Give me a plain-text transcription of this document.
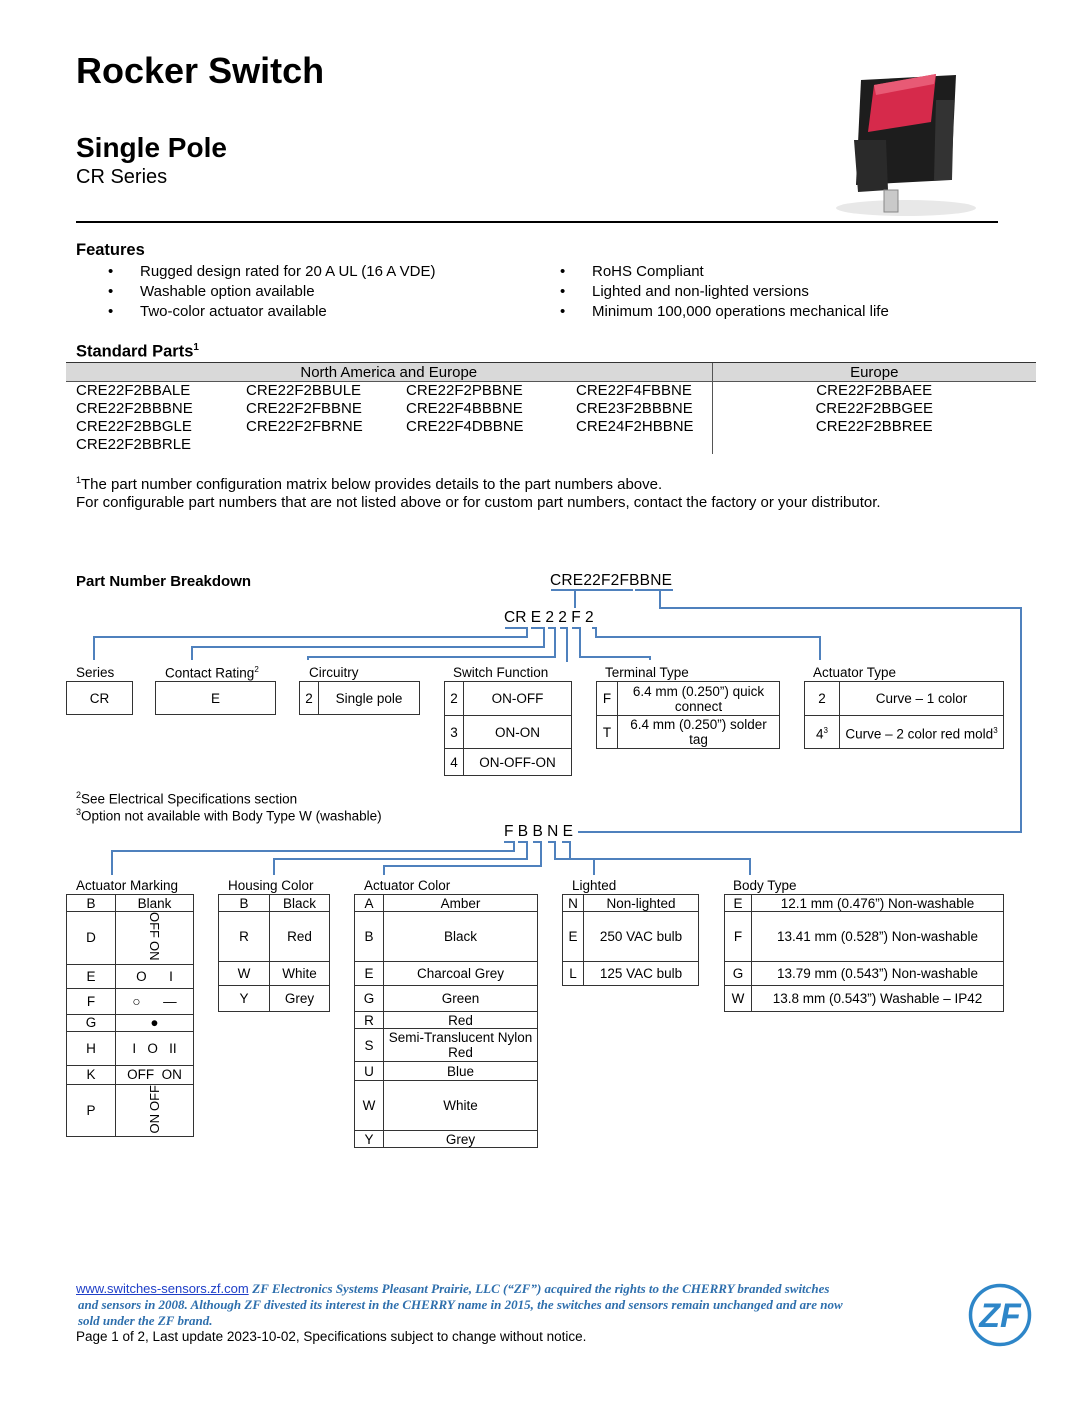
Rocker Switch
Single Pole
CR Series
Features
• Rugged design rated for 20 A UL (16 A VDE)
• Washable option available
• Two-color actuator available
• RoHS Compliant
• Lighted and non-lighted versions
• Minimum 100,000 operations mechanical life
Standard Parts$^1$
North America and Europe				Europe
CRE22F2BBALE	CRE22F2BBULE	CRE22F2PBBNE	CRE22F4FBBNE	CRE22F2BBAEE
CRE22F2BBBNE	CRE22F2FBBNE	CRE22F4BBBNE	CRE23F2BBBNE	CRE22F2BBGEE
CRE22F2BBGLE	CRE22F2FBRNE	CRE22F4DBBNE	CRE24F2HBBNE	CRE22F2BBREE
CRE22F2BBRLE				
$^1$The part number configuration matrix below provides details to the part numbers above.
For configurable part numbers that are not listed above or for custom part numbers, contact the factory or your distributor.
Part Number Breakdown	CRE22F2FBBNE
CR E 2 2 F 2
F B B N E
Series
CR
Contact Rating$^2$
E
Circuitry
2	Single pole
Switch Function
2	ON-OFF
3	ON-ON
4	ON-OFF-ON
Terminal Type
F	6.4 mm (0.250”) quick connect
T	6.4 mm (0.250”) solder tag
Actuator Type
2	Curve – 1 color
$4^3$	Curve – 2 color red mold$^3$
$^2$See Electrical Specifications section
$^3$Option not available with Body Type W (washable)
Actuator Marking
B	Blank
D	OFFON
E	O      I
F	○      —
G	●
H	I   O   II
K	OFF  ON
P	OFFON
Housing Color
B	Black
R	Red
W	White
Y	Grey
Actuator Color
A	Amber
B	Black
E	Charcoal Grey
G	Green
R	Red
S	Semi-Translucent Nylon Red
U	Blue
W	White
Y	Grey
Lighted
N	Non-lighted
E	250 VAC bulb
L	125 VAC bulb
Body Type
E	12.1 mm (0.476”) Non-washable
F	13.41 mm (0.528”) Non-washable
G	13.79 mm (0.543”) Non-washable
W	13.8 mm (0.543”) Washable – IP42
www.switches-sensors.zf.com ZF Electronics Systems Pleasant Prairie, LLC (“ZF”) acquired the rights to the CHERRY branded switches
and sensors in 2008. Although ZF divested its interest in the CHERRY name in 2015, the switches and sensors remain unchanged and are now
sold under the ZF brand.
Page 1 of 2, Last update 2023-10-02, Specifications subject to change without notice.
ZF
